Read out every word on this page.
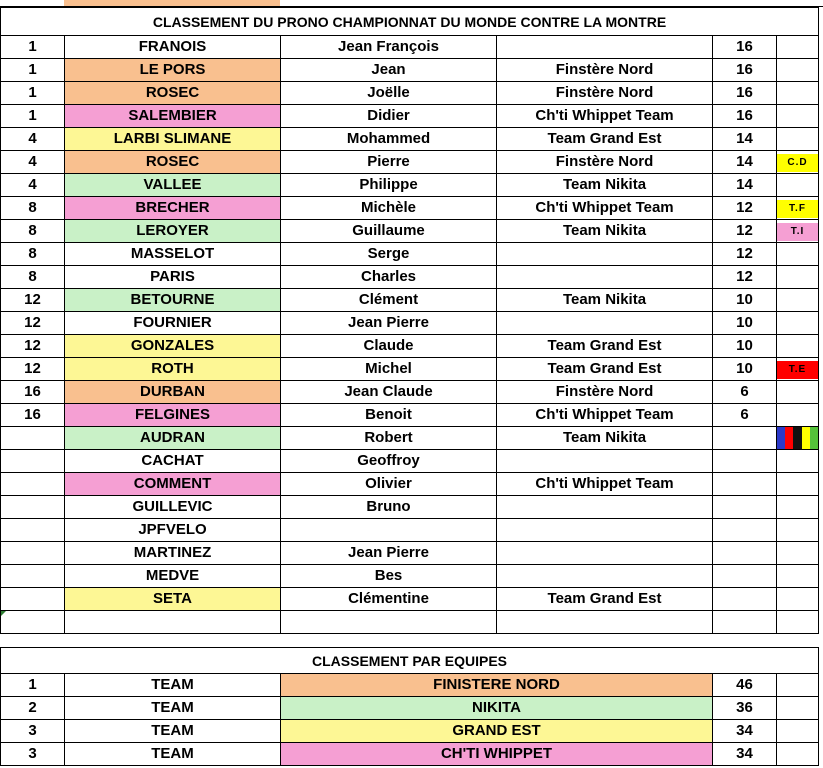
CLASSEMENT DU PRONO CHAMPIONNAT DU MONDE CONTRE LA MONTRE					
1	FRANOIS	Jean François		16	
1	LE PORS	Jean	Finstère Nord	16	
1	ROSEC	Joëlle	Finstère Nord	16	
1	SALEMBIER	Didier	Ch'ti Whippet Team	16	
4	LARBI SLIMANE	Mohammed	Team Grand Est	14	
4	ROSEC	Pierre	Finstère Nord	14	C.D
4	VALLEE	Philippe	Team Nikita	14	
8	BRECHER	Michèle	Ch'ti Whippet Team	12	T.F
8	LEROYER	Guillaume	Team Nikita	12	T.I
8	MASSELOT	Serge		12	
8	PARIS	Charles		12	
12	BETOURNE	Clément	Team Nikita	10	
12	FOURNIER	Jean Pierre		10	
12	GONZALES	Claude	Team Grand Est	10	
12	ROTH	Michel	Team Grand Est	10	T.E
16	DURBAN	Jean Claude	Finstère Nord	6	
16	FELGINES	Benoit	Ch'ti Whippet Team	6	
	AUDRAN	Robert	Team Nikita		

	CACHAT	Geoffroy			
	COMMENT	Olivier	Ch'ti Whippet Team		
	GUILLEVIC	Bruno			
	JPFVELO				
	MARTINEZ	Jean Pierre			
	MEDVE	Bes			
	SETA	Clémentine	Team Grand Est		

CLASSEMENT PAR EQUIPES				
1	TEAM	FINISTERE NORD	46	
2	TEAM	NIKITA	36	
3	TEAM	GRAND EST	34	
3	TEAM	CH'TI WHIPPET	34	
